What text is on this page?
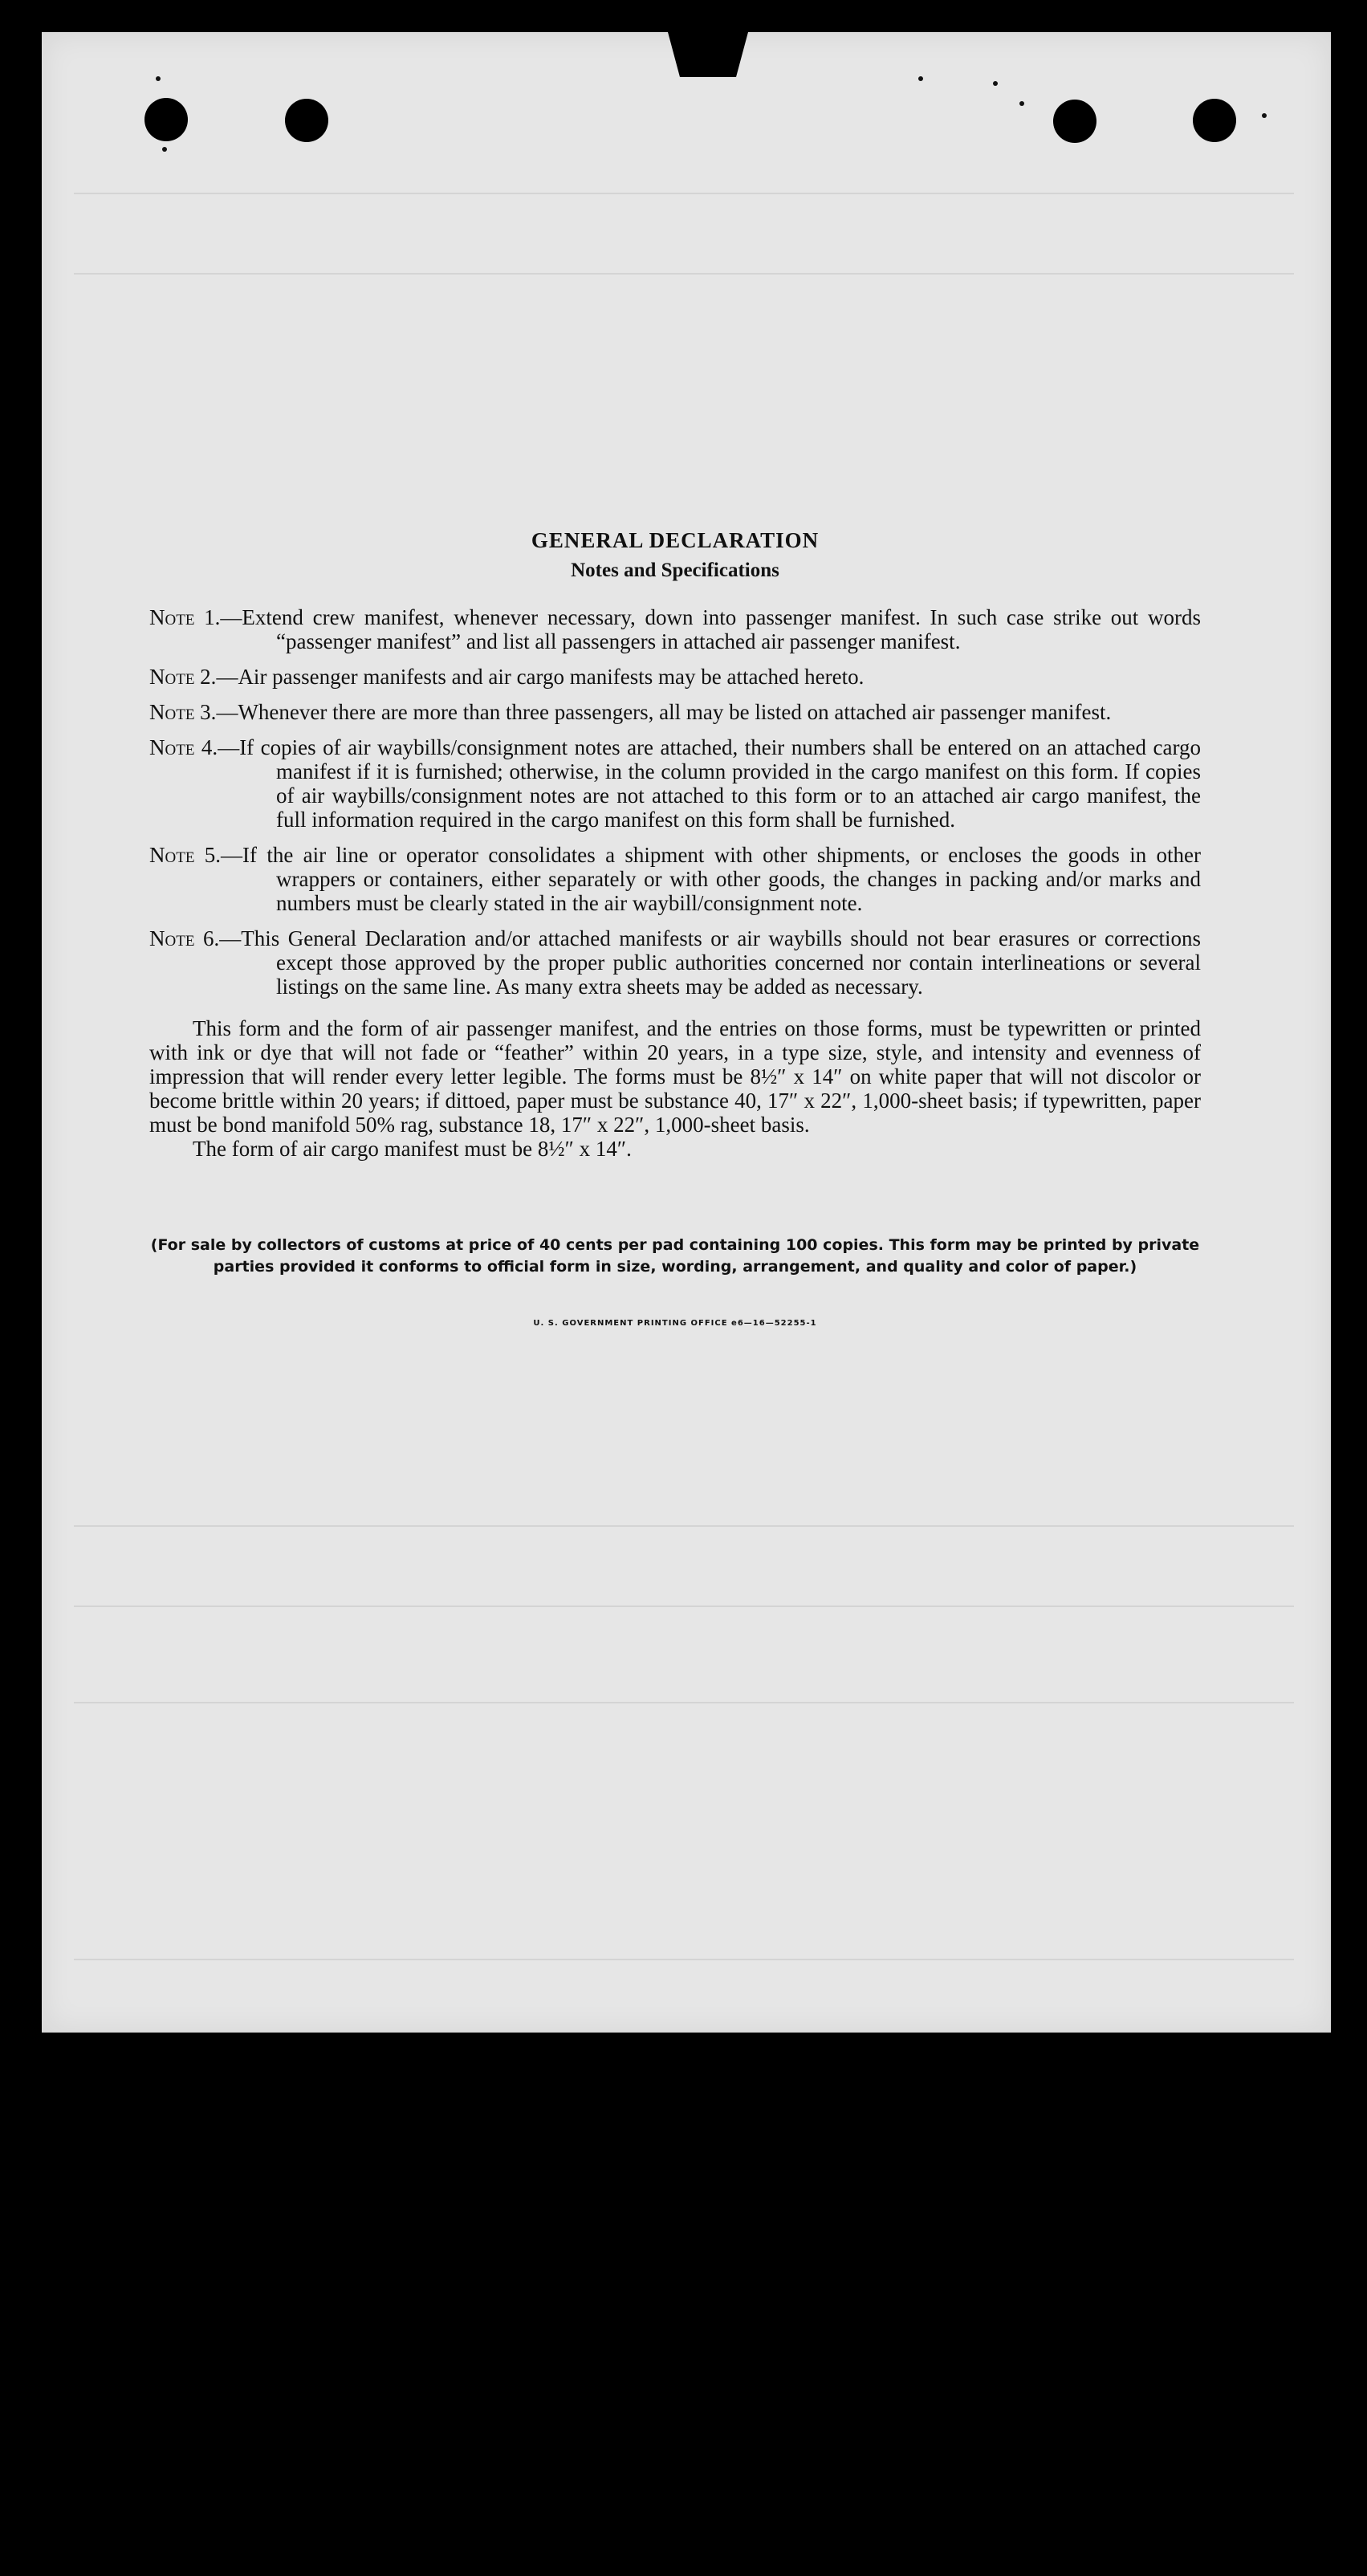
GENERAL DECLARATION

Notes and Specifications

Note 1.—Extend crew manifest, whenever necessary, down into passenger manifest. In such case strike out words “passenger manifest” and list all passengers in attached air passenger manifest.

Note 2.—Air passenger manifests and air cargo manifests may be attached hereto.

Note 3.—Whenever there are more than three passengers, all may be listed on attached air passenger manifest.

Note 4.—If copies of air waybills/consignment notes are attached, their numbers shall be entered on an attached cargo manifest if it is furnished; otherwise, in the column provided in the cargo manifest on this form. If copies of air waybills/consignment notes are not attached to this form or to an attached air cargo manifest, the full information required in the cargo manifest on this form shall be furnished.

Note 5.—If the air line or operator consolidates a shipment with other shipments, or encloses the goods in other wrappers or containers, either separately or with other goods, the changes in packing and/or marks and numbers must be clearly stated in the air waybill/consignment note.

Note 6.—This General Declaration and/or attached manifests or air waybills should not bear erasures or corrections except those approved by the proper public authorities concerned nor contain interlineations or several listings on the same line. As many extra sheets may be added as necessary.

This form and the form of air passenger manifest, and the entries on those forms, must be typewritten or printed with ink or dye that will not fade or “feather” within 20 years, in a type size, style, and intensity and evenness of impression that will render every letter legible. The forms must be 8½″ x 14″ on white paper that will not discolor or become brittle within 20 years; if dittoed, paper must be substance 40, 17″ x 22″, 1,000-sheet basis; if typewritten, paper must be bond manifold 50% rag, substance 18, 17″ x 22″, 1,000-sheet basis.

The form of air cargo manifest must be 8½″ x 14″.

(For sale by collectors of customs at price of 40 cents per pad containing 100 copies. This form may be printed by private parties provided it conforms to official form in size, wording, arrangement, and quality and color of paper.)

U. S. GOVERNMENT PRINTING OFFICE e6—16—52255-1
